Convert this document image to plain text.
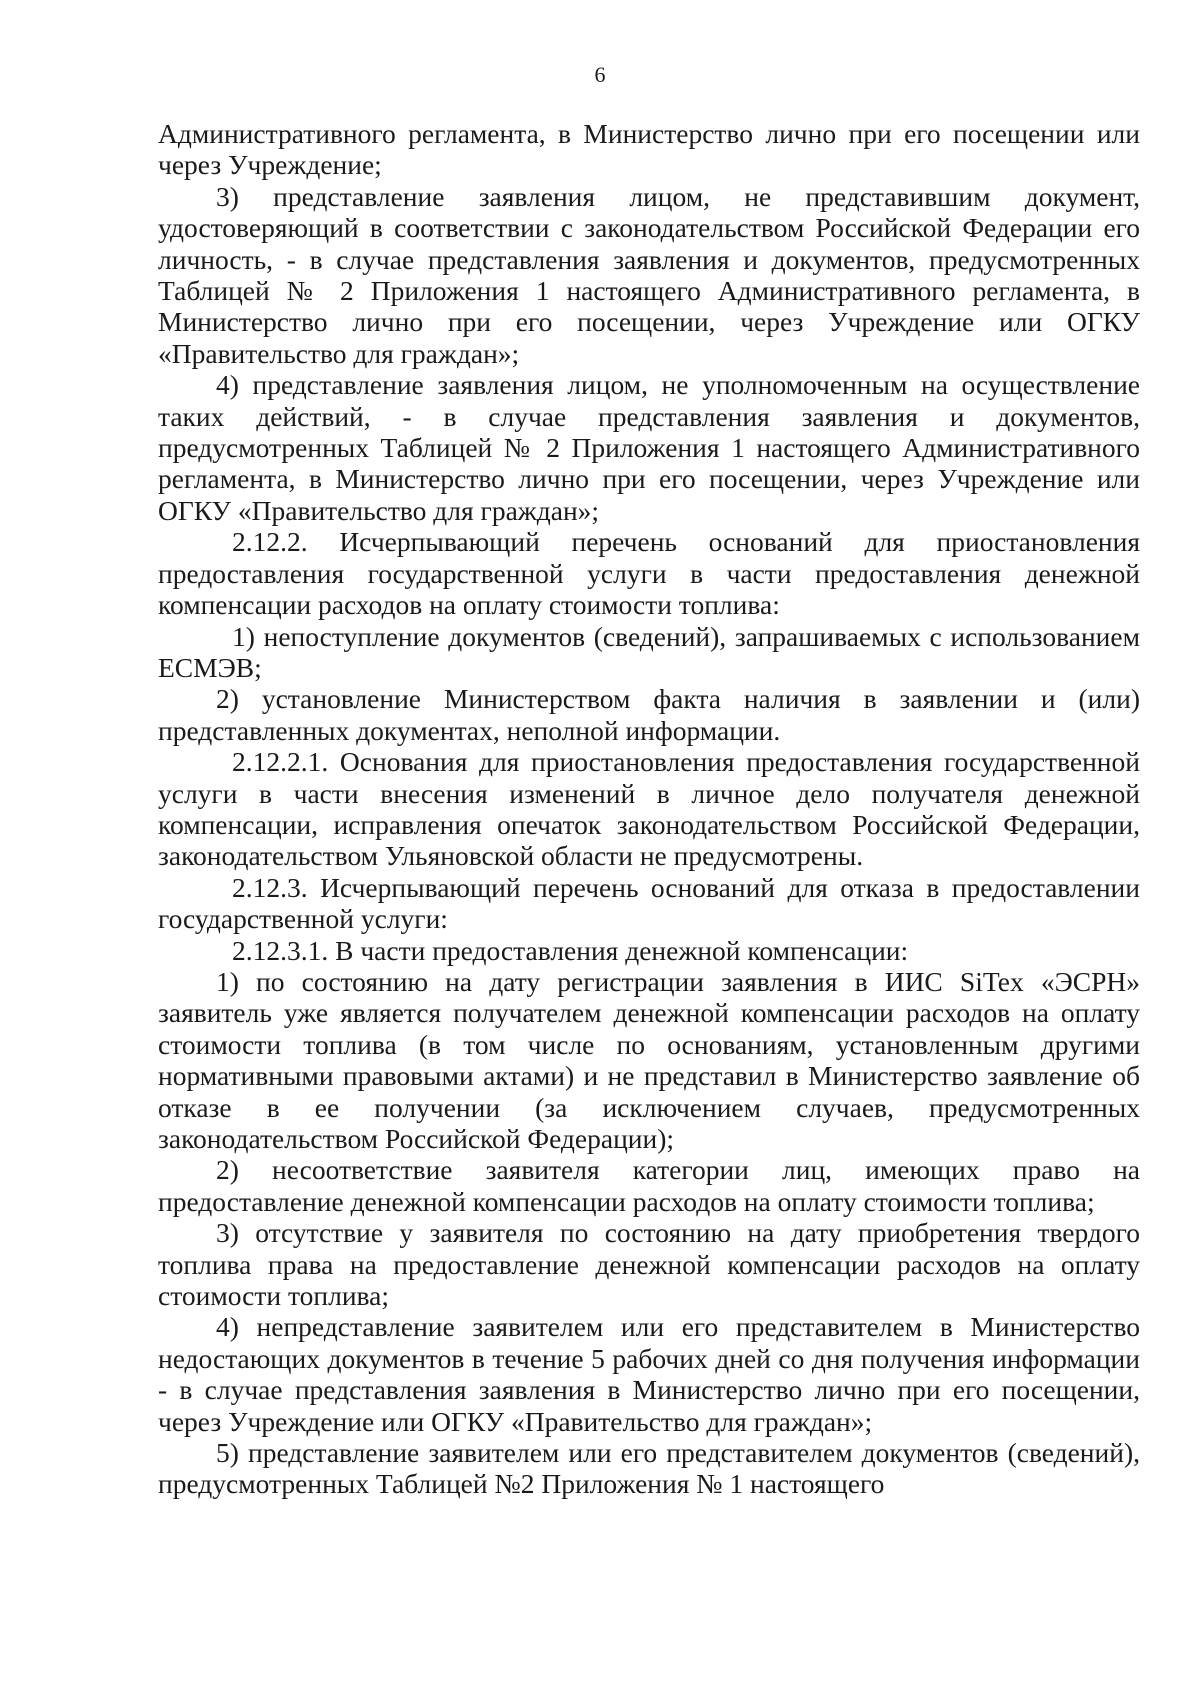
6

Административного регламента, в Министерство лично при его посещении или через Учреждение;

3) представление заявления лицом, не представившим документ, удостоверяющий в соответствии с законодательством Российской Федерации его личность, - в случае представления заявления и документов, предусмотренных Таблицей № 2 Приложения 1 настоящего Административного регламента, в Министерство лично при его посещении, через Учреждение или ОГКУ «Правительство для граждан»;

4) представление заявления лицом, не уполномоченным на осуществление таких действий, - в случае представления заявления и документов, предусмотренных Таблицей № 2 Приложения 1 настоящего Административного регламента, в Министерство лично при его посещении, через Учреждение или ОГКУ «Правительство для граждан»;

2.12.2. Исчерпывающий перечень оснований для приостановления предоставления государственной услуги в части предоставления денежной компенсации расходов на оплату стоимости топлива:

1) непоступление документов (сведений), запрашиваемых с использованием ЕСМЭВ;

2) установление Министерством факта наличия в заявлении и (или) представленных документах, неполной информации.

2.12.2.1. Основания для приостановления предоставления государственной услуги в части внесения изменений в личное дело получателя денежной компенсации, исправления опечаток законодательством Российской Федерации, законодательством Ульяновской области не предусмотрены.

2.12.3. Исчерпывающий перечень оснований для отказа в предоставлении государственной услуги:

2.12.3.1. В части предоставления денежной компенсации:

1) по состоянию на дату регистрации заявления в ИИС SiTex «ЭСРН» заявитель уже является получателем денежной компенсации расходов на оплату стоимости топлива (в том числе по основаниям, установленным другими нормативными правовыми актами) и не представил в Министерство заявление об отказе в ее получении (за исключением случаев, предусмотренных законодательством Российской Федерации);

2) несоответствие заявителя категории лиц, имеющих право на предоставление денежной компенсации расходов на оплату стоимости топлива;

3) отсутствие у заявителя по состоянию на дату приобретения твердого топлива права на предоставление денежной компенсации расходов на оплату стоимости топлива;

4) непредставление заявителем или его представителем в Министерство недостающих документов в течение 5 рабочих дней со дня получения информации - в случае представления заявления в Министерство лично при его посещении, через Учреждение или ОГКУ «Правительство для граждан»;

5) представление заявителем или его представителем документов (сведений), предусмотренных Таблицей №2 Приложения № 1 настоящего
